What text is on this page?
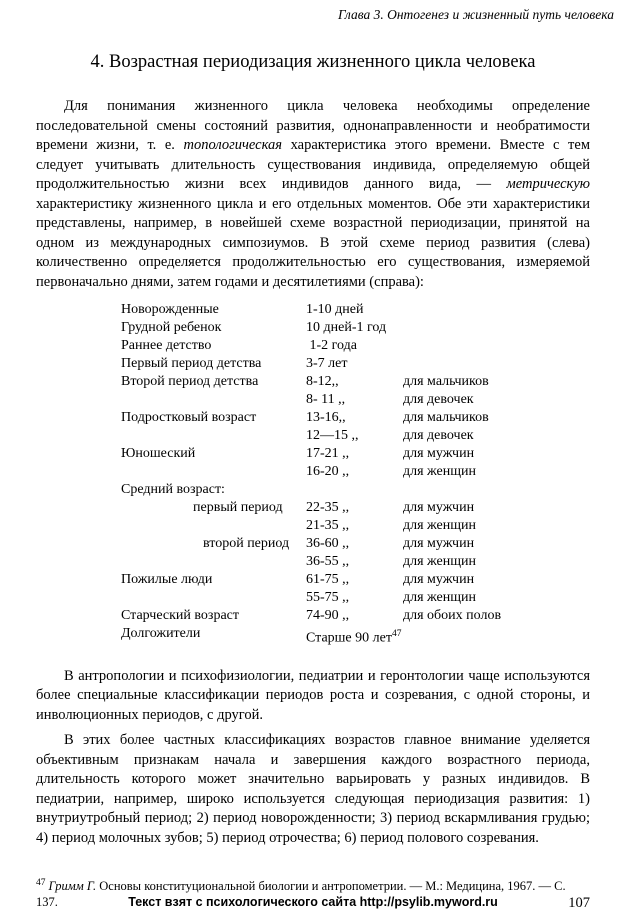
Глава 3. Онтогенез и жизненный путь человека
4. Возрастная периодизация жизненного цикла человека

Для понимания жизненного цикла человека необходимы определение последовательной смены состояний развития, однонаправленности и необратимости времени жизни, т. е. топологическая характеристика этого времени. Вместе с тем следует учитывать длительность существования индивида, определяемую общей продолжительностью жизни всех индивидов данного вида, — метрическую характеристику жизненного цикла и его отдельных моментов. Обе эти характеристики представлены, например, в новейшей схеме возрастной периодизации, принятой на одном из международных симпозиумов. В этой схеме период развития (слева) количественно определяется продолжительностью его существования, измеряемой первоначально днями, затем годами и десятилетиями (справа):

Новорожденные	1-10 дней
Грудной ребенок	10 дней-1 год
Раннее детство	1-2 года
Первый период детства	3-7 лет
Второй период детства	8-12,,	для мальчиков
8- 11 ,,	для девочек
Подростковый возраст	13-16,,	для мальчиков
12—15 ,,	для девочек
Юношеский	17-21 ,,	для мужчин
16-20 ,,	для женщин
Средний возраст:
первый период	22-35 ,,	для мужчин
21-35 ,,	для женщин
второй период	36-60 ,,	для мужчин
36-55 ,,	для женщин
Пожилые люди	61-75 ,,	для мужчин
55-75 ,,	для женщин
Старческий возраст	74-90 ,,	для обоих полов
Долгожители	Старше 90 лет$^{47}$

В антропологии и психофизиологии, педиатрии и геронтологии чаще используются более специальные классификации периодов роста и созревания, с одной стороны, и инволюционных периодов, с другой.

В этих более частных классификациях возрастов главное внимание уделяется объективным признакам начала и завершения каждого возрастного периода, длительность которого может значительно варьировать у разных индивидов. В педиатрии, например, широко используется следующая периодизация развития: 1) внутриутробный период; 2) период новорожденности; 3) период вскармливания грудью; 4) период молочных зубов; 5) период отрочества; 6) период полового созревания.

$^{47}$ Гримм Г. Основы конституциональной биологии и антропометрии. — М.: Медицина, 1967. — С. 137.	Текст взят с психологического сайта http://psylib.myword.ru	107
